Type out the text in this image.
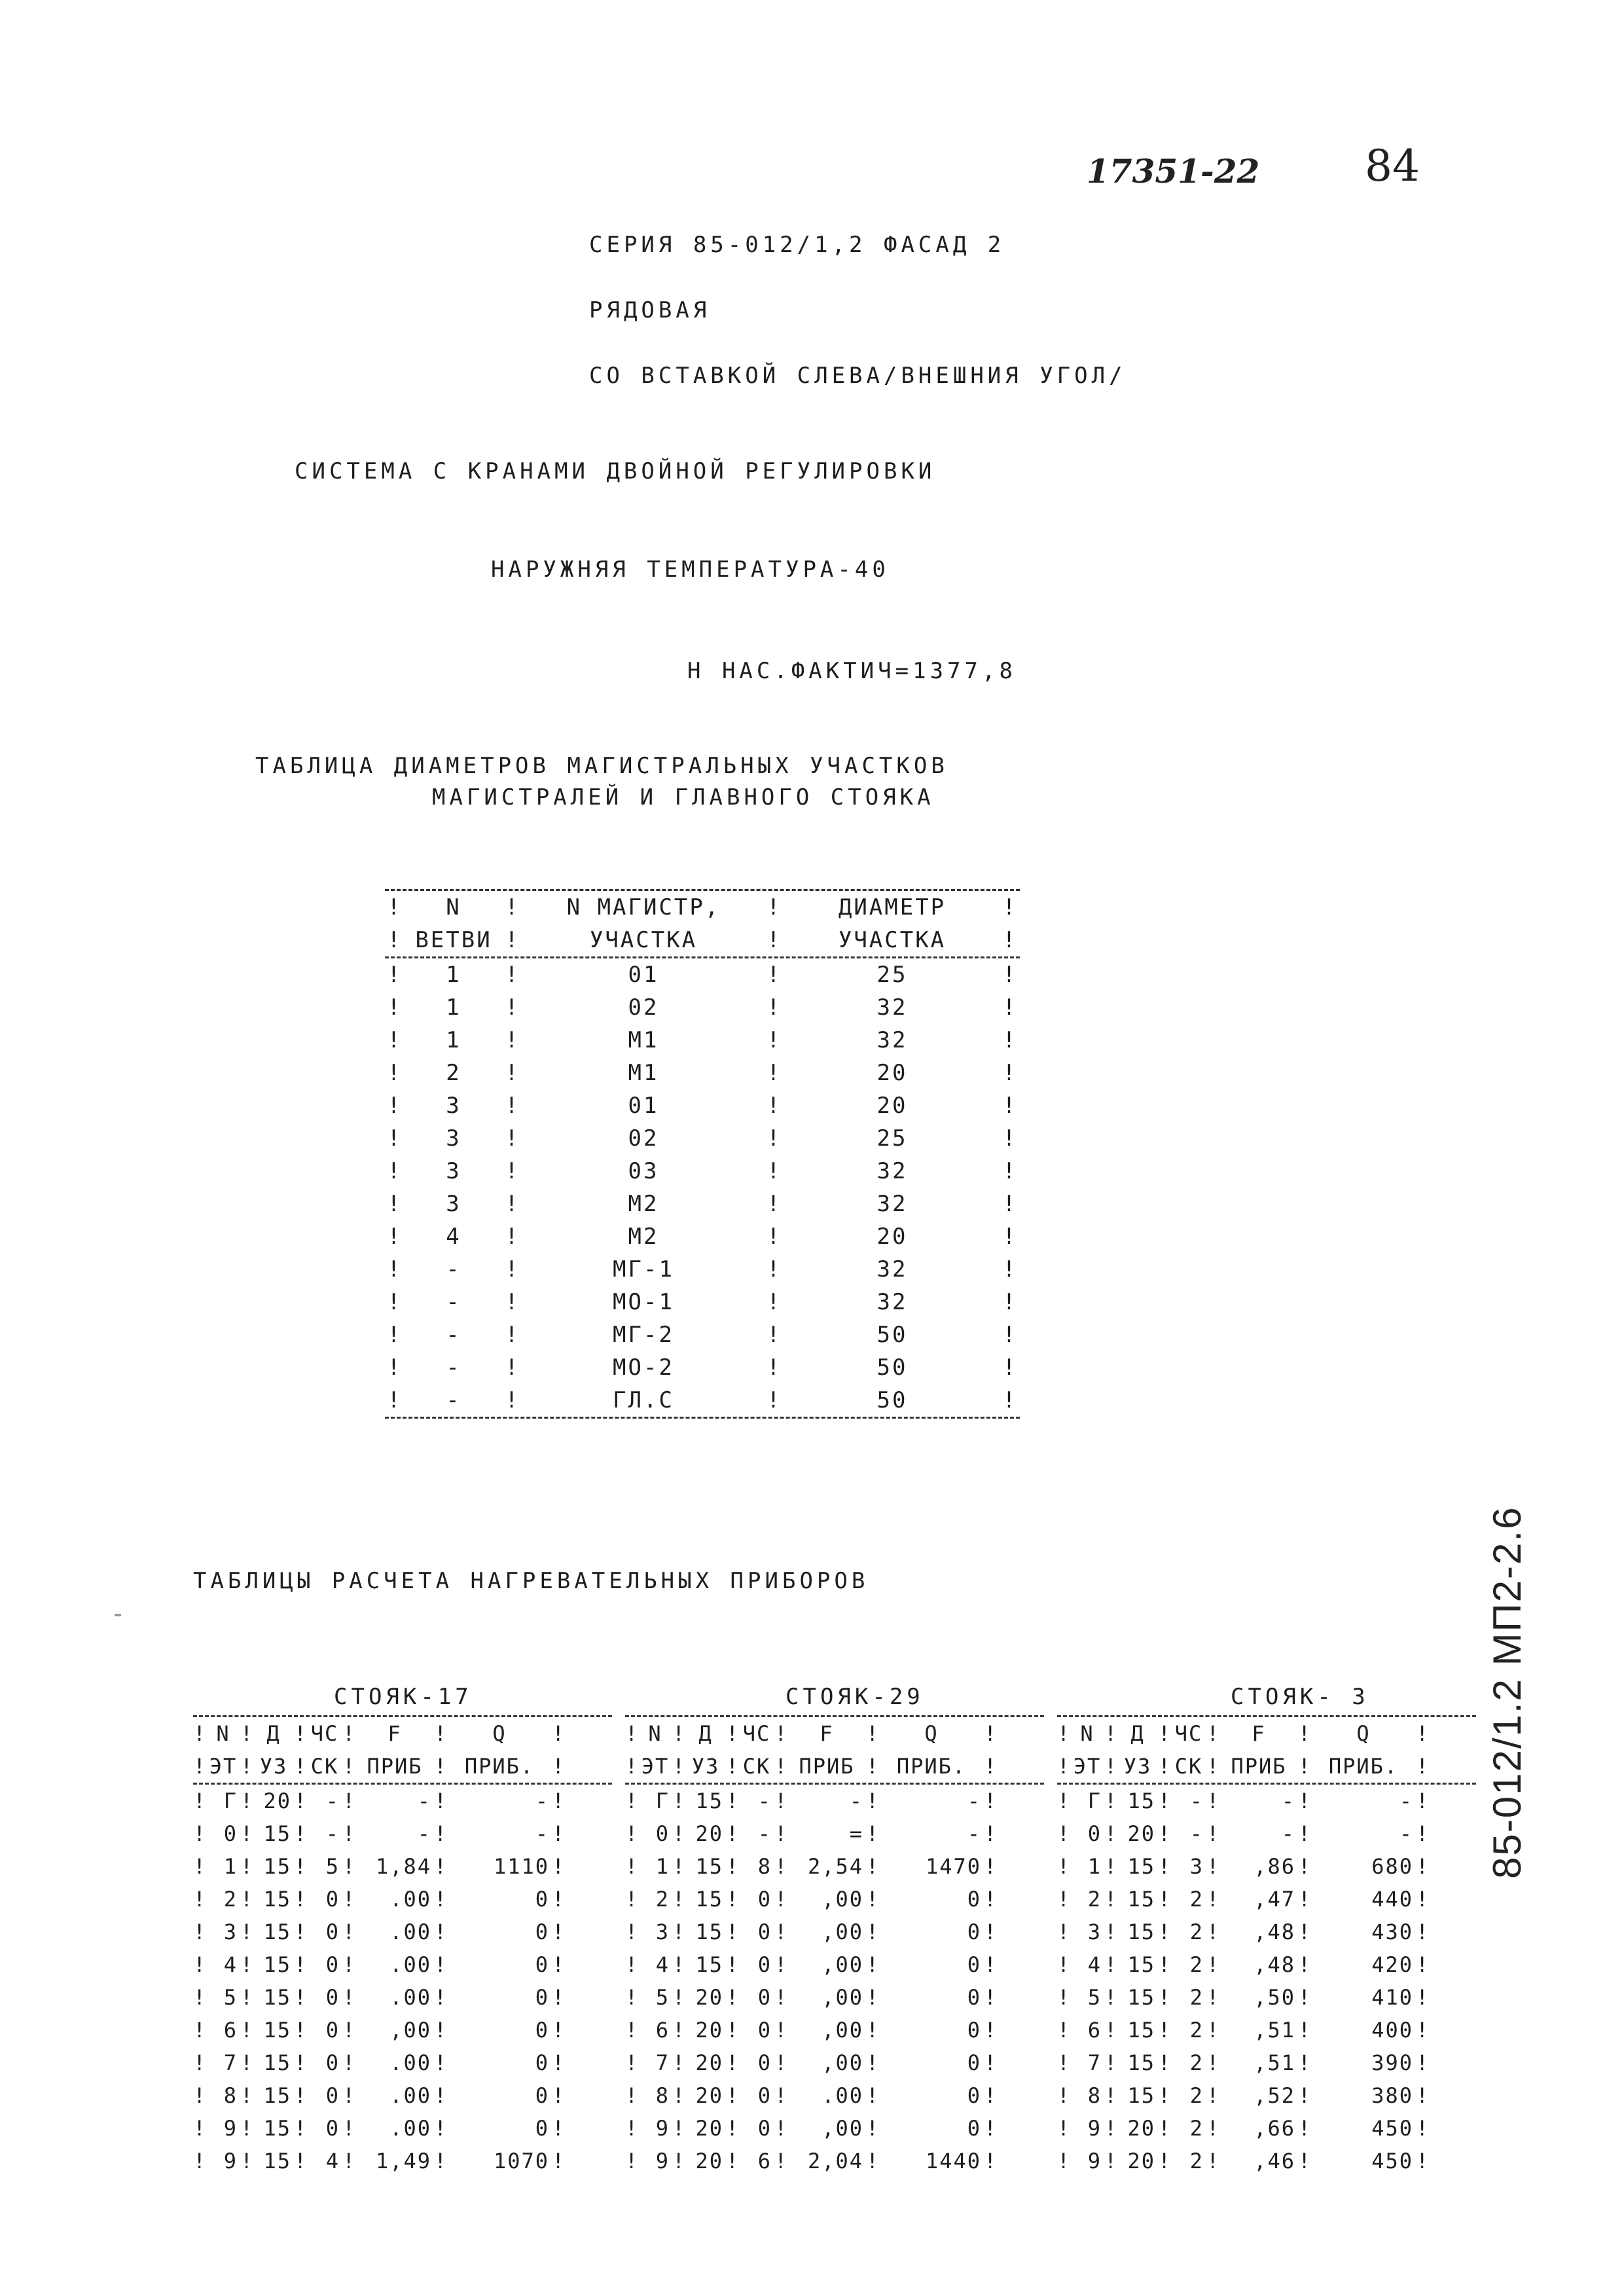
17351-22 84
СЕРИЯ 85-012/1,2 ФАСАД 2
РЯДОВАЯ
СО ВСТАВКОЙ СЛЕВА/ВНЕШНИЯ УГОЛ/
СИСТЕМА С КРАНАМИ ДВОЙНОЙ РЕГУЛИРОВКИ
НАРУЖНЯЯ ТЕМПЕРАТУРА-40
Н НАС.ФАКТИЧ=1377,8
ТАБЛИЦА ДИАМЕТРОВ МАГИСТРАЛЬНЫХ УЧАСТКОВ
МАГИСТРАЛЕЙ И ГЛАВНОГО СТОЯКА
!	N	!	N МАГИСТР,	!	ДИАМЕТР	!
! ВЕТВИ !	УЧАСТКА	!	УЧАСТКА	!
!	1	!	01	!	25	!
!	1	!	02	!	32	!
!	1	!	М1	!	32	!
!	2	!	М1	!	20	!
!	3	!	01	!	20	!
!	3	!	02	!	25	!
!	3	!	03	!	32	!
!	3	!	М2	!	32	!
!	4	!	М2	!	20	!
!	-	!	МГ-1	!	32	!
!	-	!	МО-1	!	32	!
!	-	!	МГ-2	!	50	!
!	-	!	МО-2	!	50	!
!	-	!	ГЛ.С	!	50	!
ТАБЛИЦЫ РАСЧЕТА НАГРЕВАТЕЛЬНЫХ ПРИБОРОВ
СТОЯК-17	СТОЯК-29	СТОЯК- 3
! N ! Д ! ЧС !	F	!	Q	!
! ЭТ ! УЗ ! СК ! ПРИБ ! ПРИБ. !
! Г ! 20 ! - !	- !	- !
! 0 ! 15 ! - !	- !	- !
! 1 ! 15 ! 5 ! 1,84 !	1110 !
! 2 ! 15 ! 0 !	.00 !	0 !
! 3 ! 15 ! 0 !	.00 !	0 !
! 4 ! 15 ! 0 !	.00 !	0 !
! 5 ! 15 ! 0 !	.00 !	0 !
! 6 ! 15 ! 0 !	,00 !	0 !
! 7 ! 15 ! 0 !	.00 !	0 !
! 8 ! 15 ! 0 !	.00 !	0 !
! 9 ! 15 ! 0 !	.00 !	0 !
! 9 ! 15 ! 4 ! 1,49 !	1070 !
! N ! Д ! ЧС !	F	!	Q	!
! ЭТ ! УЗ ! СК ! ПРИБ ! ПРИБ. !
! Г ! 15 ! - !	- !	- !
! 0 ! 20 ! - !	= !	- !
! 1 ! 15 ! 8 ! 2,54 !	1470 !
! 2 ! 15 ! 0 !	,00 !	0 !
! 3 ! 15 ! 0 !	,00 !	0 !
! 4 ! 15 ! 0 !	,00 !	0 !
! 5 ! 20 ! 0 !	,00 !	0 !
! 6 ! 20 ! 0 !	,00 !	0 !
! 7 ! 20 ! 0 !	,00 !	0 !
! 8 ! 20 ! 0 !	.00 !	0 !
! 9 ! 20 ! 0 !	,00 !	0 !
! 9 ! 20 ! 6 ! 2,04 !	1440 !
! N ! Д ! ЧС !	F	!	Q	!
! ЭТ ! УЗ ! СК ! ПРИБ ! ПРИБ. !
! Г ! 15 ! - !	- !	- !
! 0 ! 20 ! - !	- !	- !
! 1 ! 15 ! 3 !	,86 !	680 !
! 2 ! 15 ! 2 !	,47 !	440 !
! 3 ! 15 ! 2 !	,48 !	430 !
! 4 ! 15 ! 2 !	,48 !	420 !
! 5 ! 15 ! 2 !	,50 !	410 !
! 6 ! 15 ! 2 !	,51 !	400 !
! 7 ! 15 ! 2 !	,51 !	390 !
! 8 ! 15 ! 2 !	,52 !	380 !
! 9 ! 20 ! 2 !	,66 !	450 !
! 9 ! 20 ! 2 !	,46 !	450 !
85-012/1.2 МП2-2.6
